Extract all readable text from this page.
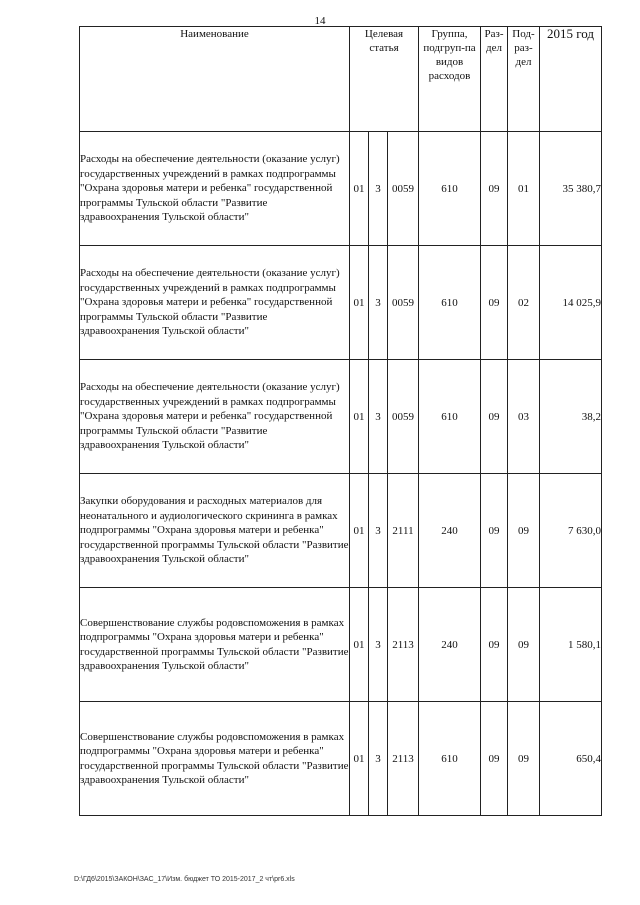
14
Наименование	Целевая статья			Группа, подгруп-па видов расходов	Раз-дел	Под-раз-дел	2015 год
Расходы на обеспечение деятельности (оказание услуг) государственных учреждений в рамках подпрограммы "Охрана здоровья матери и ребенка" государственной программы Тульской области "Развитие здравоохранения Тульской области"	01	3	0059	610	09	01	35 380,7
Расходы на обеспечение деятельности (оказание услуг) государственных учреждений в рамках подпрограммы "Охрана здоровья матери и ребенка" государственной программы Тульской области "Развитие здравоохранения Тульской области"	01	3	0059	610	09	02	14 025,9
Расходы на обеспечение деятельности (оказание услуг) государственных учреждений в рамках подпрограммы "Охрана здоровья матери и ребенка" государственной программы Тульской области "Развитие здравоохранения Тульской области"	01	3	0059	610	09	03	38,2
Закупки оборудования и расходных материалов для неонатального и аудиологического скрининга в рамках подпрограммы "Охрана здоровья матери и ребенка" государственной программы Тульской области "Развитие здравоохранения Тульской области"	01	3	2111	240	09	09	7 630,0
Совершенствование службы родовспоможения в рамках подпрограммы "Охрана здоровья матери и ребенка" государственной программы Тульской области "Развитие здравоохранения Тульской области"	01	3	2113	240	09	09	1 580,1
Совершенствование службы родовспоможения в рамках подпрограммы "Охрана здоровья матери и ребенка" государственной программы Тульской области "Развитие здравоохранения Тульской области"	01	3	2113	610	09	09	650,4
D:\ГД6\2015\ЗАКОН\ЗАС_17\Изм. бюджет ТО 2015-2017_2 чт\pr6.xls
